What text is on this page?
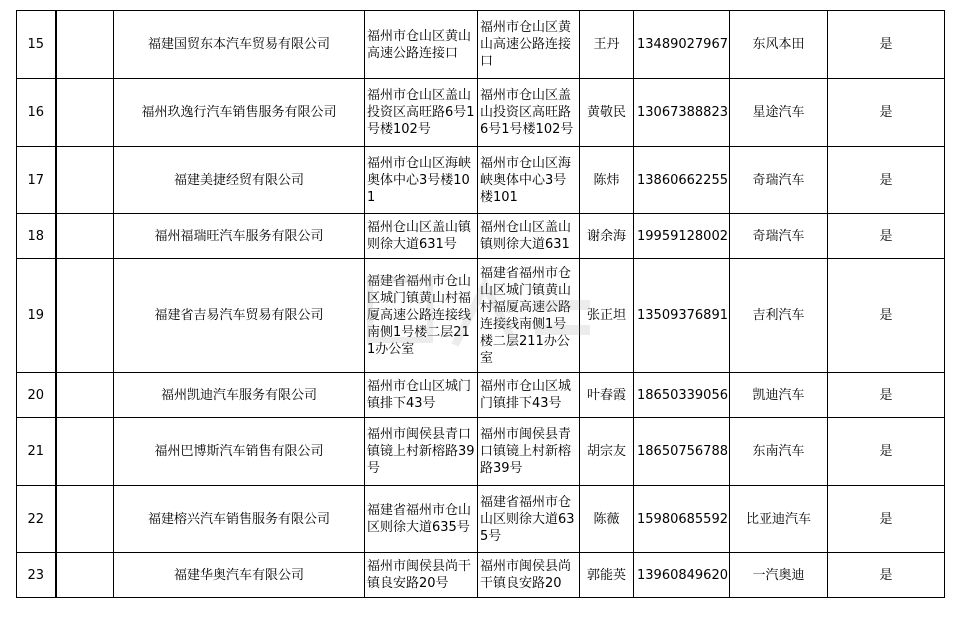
15		福建国贸东本汽车贸易有限公司	福州市仓山区黄山高速公路连接口	福州市仓山区黄山高速公路连接口	王丹	13489027967	东风本田	是
16		福州玖逸行汽车销售服务有限公司	福州市仓山区盖山投资区高旺路6号1号楼102号	福州市仓山区盖山投资区高旺路6号1号楼102号	黄敬民	13067388823	星途汽车	是
17		福建美捷经贸有限公司	福州市仓山区海峡奥体中心3号楼101	福州市仓山区海峡奥体中心3号楼101	陈炜	13860662255	奇瑞汽车	是
18		福州福瑞旺汽车服务有限公司	福州仓山区盖山镇则徐大道631号	福州仓山区盖山镇则徐大道631	谢余海	19959128002	奇瑞汽车	是
19		福建省吉易汽车贸易有限公司	福建省福州市仓山区城门镇黄山村福厦高速公路连接线南侧1号楼二层211办公室	福建省福州市仓山区城门镇黄山村福厦高速公路连接线南侧1号楼二层211办公室	张正坦	13509376891	吉利汽车	是
20		福州凯迪汽车服务有限公司	福州市仓山区城门镇排下43号	福州市仓山区城门镇排下43号	叶春霞	18650339056	凯迪汽车	是
21		福州巴博斯汽车销售有限公司	福州市闽侯县青口镇镜上村新榕路39号	福州市闽侯县青口镇镜上村新榕路39号	胡宗友	18650756788	东南汽车	是
22		福建榕兴汽车销售服务有限公司	福建省福州市仓山区则徐大道635号	福建省福州市仓山区则徐大道635号	陈薇	15980685592	比亚迪汽车	是
23		福建华奥汽车有限公司	福州市闽侯县尚干镇良安路20号	福州市闽侯县尚干镇良安路20	郭能英	13960849620	一汽奥迪	是
